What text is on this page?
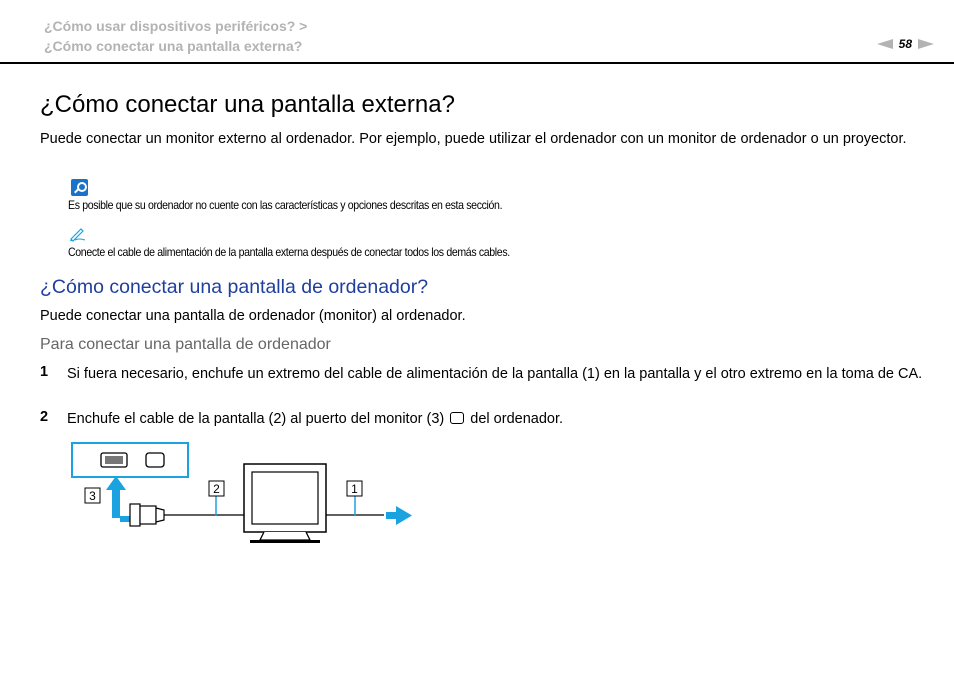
¿Cómo usar dispositivos periféricos? >
¿Cómo conectar una pantalla externa?	58
¿Cómo conectar una pantalla externa?

Puede conectar un monitor externo al ordenador. Por ejemplo, puede utilizar el ordenador con un monitor de ordenador o un proyector.

Es posible que su ordenador no cuente con las características y opciones descritas en esta sección.
Conecte el cable de alimentación de la pantalla externa después de conectar todos los demás cables.
¿Cómo conectar una pantalla de ordenador?

Puede conectar una pantalla de ordenador (monitor) al ordenador.

Para conectar una pantalla de ordenador

1 Si fuera necesario, enchufe un extremo del cable de alimentación de la pantalla (1) en la pantalla y el otro extremo en la toma de CA.
2 Enchufe el cable de la pantalla (2) al puerto del monitor (3) del ordenador.
3	2	1
